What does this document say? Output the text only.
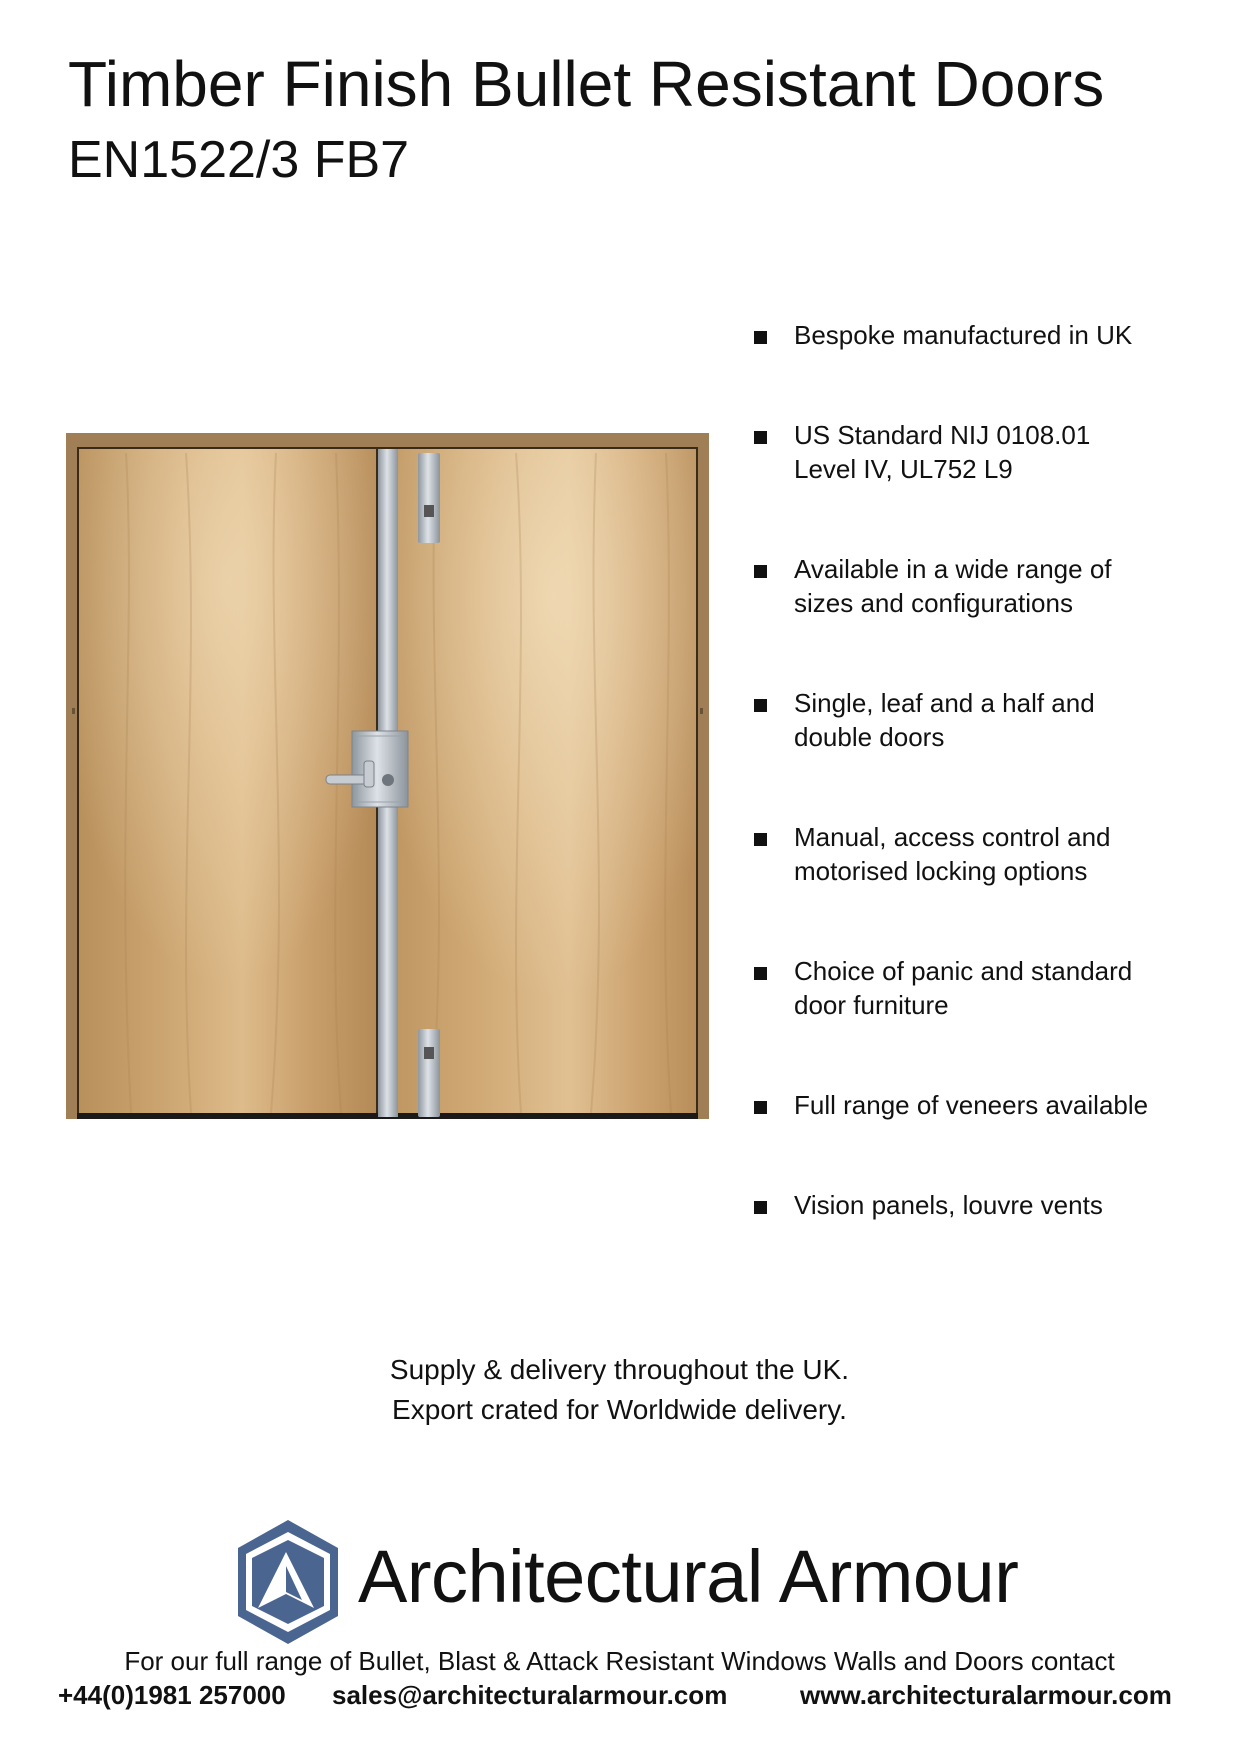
Timber Finish Bullet Resistant Doors
EN1522/3 FB7
Bespoke manufactured in UK
US Standard NIJ 0108.01
Level IV, UL752 L9
Available in a wide range of
sizes and configurations
Single, leaf and a half and
double doors
Manual, access control and
motorised locking options
Choice of panic and standard
door furniture
Full range of veneers available
Vision panels, louvre vents
Supply & delivery throughout the UK.
Export crated for Worldwide delivery.
Architectural Armour
For our full range of Bullet, Blast & Attack Resistant Windows Walls and Doors contact
+44(0)1981 257000 sales@architecturalarmour.com	www.architecturalarmour.com
